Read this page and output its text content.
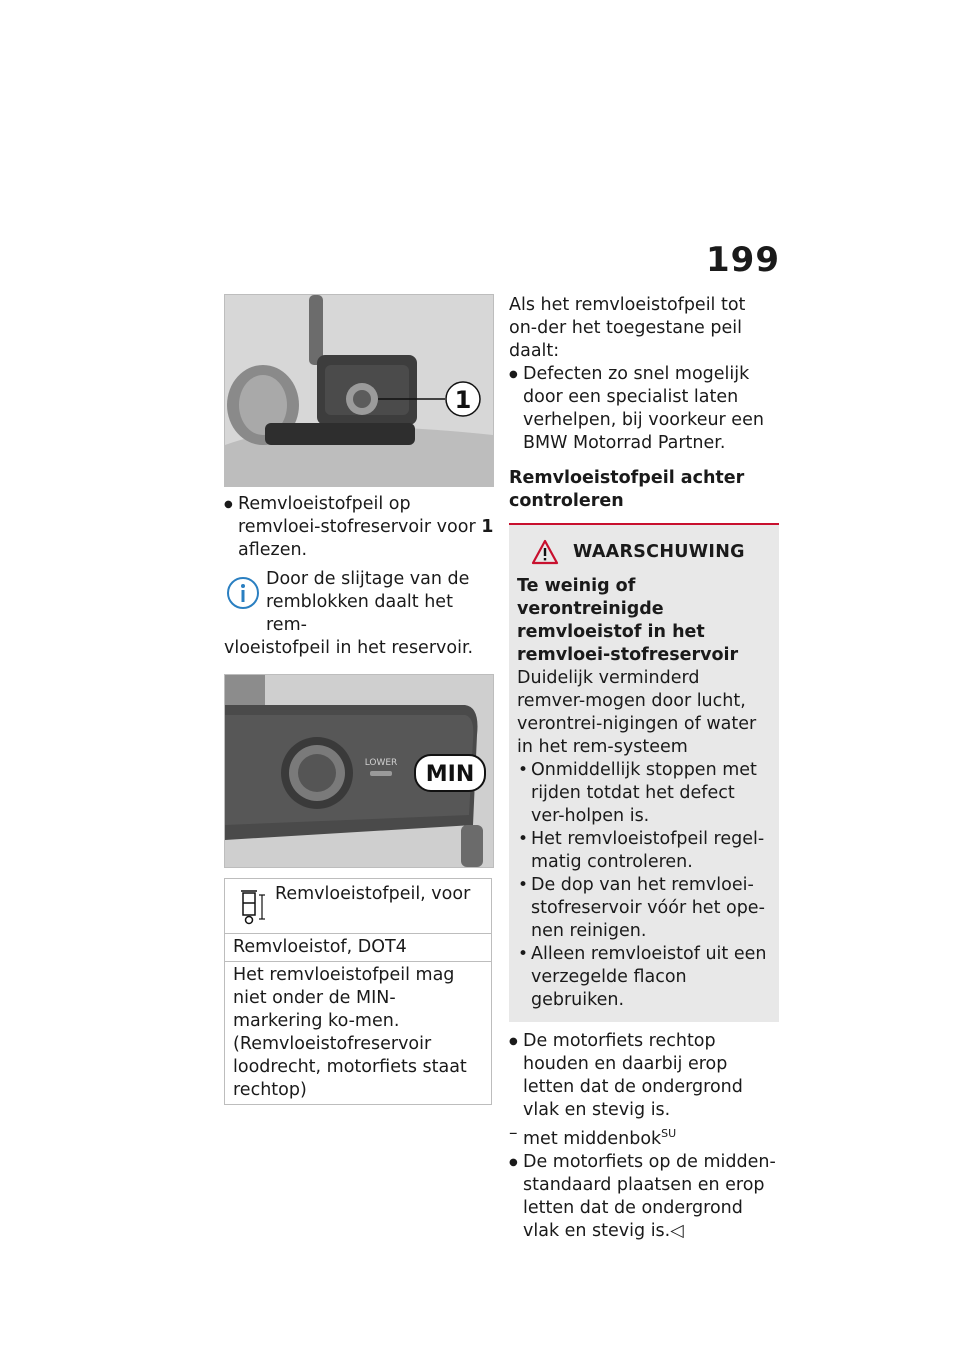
199
1
● Remvloeistofpeil op remvloei-stofreservoir voor 1 aflezen.
Door de slijtage van de
remblokken daalt het rem-
vloeistofpeil in het reservoir.
LOWER MIN
Remvloeistofpeil, voor

Remvloeistof, DOT4
Het remvloeistofpeil mag niet onder de MIN-markering ko-men. (Remvloeistofreservoir loodrecht, motorfiets staat rechtop)

Als het remvloeistofpeil tot on-der het toegestane peil daalt:

● Defecten zo snel mogelijk door een specialist laten verhelpen, bij voorkeur een BMW Motorrad Partner.
Remvloeistofpeil achter controleren
WAARSCHUWING
Te weinig of verontreinigde remvloeistof in het remvloei-stofreservoir
Duidelijk verminderd remver-mogen door lucht, verontrei-nigingen of water in het rem-systeem
• Onmiddellijk stoppen met rijden totdat het defect ver-holpen is.
• Het remvloeistofpeil regel-matig controleren.
• De dop van het remvloei-stofreservoir vóór het ope-nen reinigen.
• Alleen remvloeistof uit een verzegelde flacon gebruiken.
● De motorfiets rechtop houden en daarbij erop letten dat de ondergrond vlak en stevig is.
– met middenbok$^{SU}$
● De motorfiets op de midden-standaard plaatsen en erop letten dat de ondergrond vlak en stevig is.◁
